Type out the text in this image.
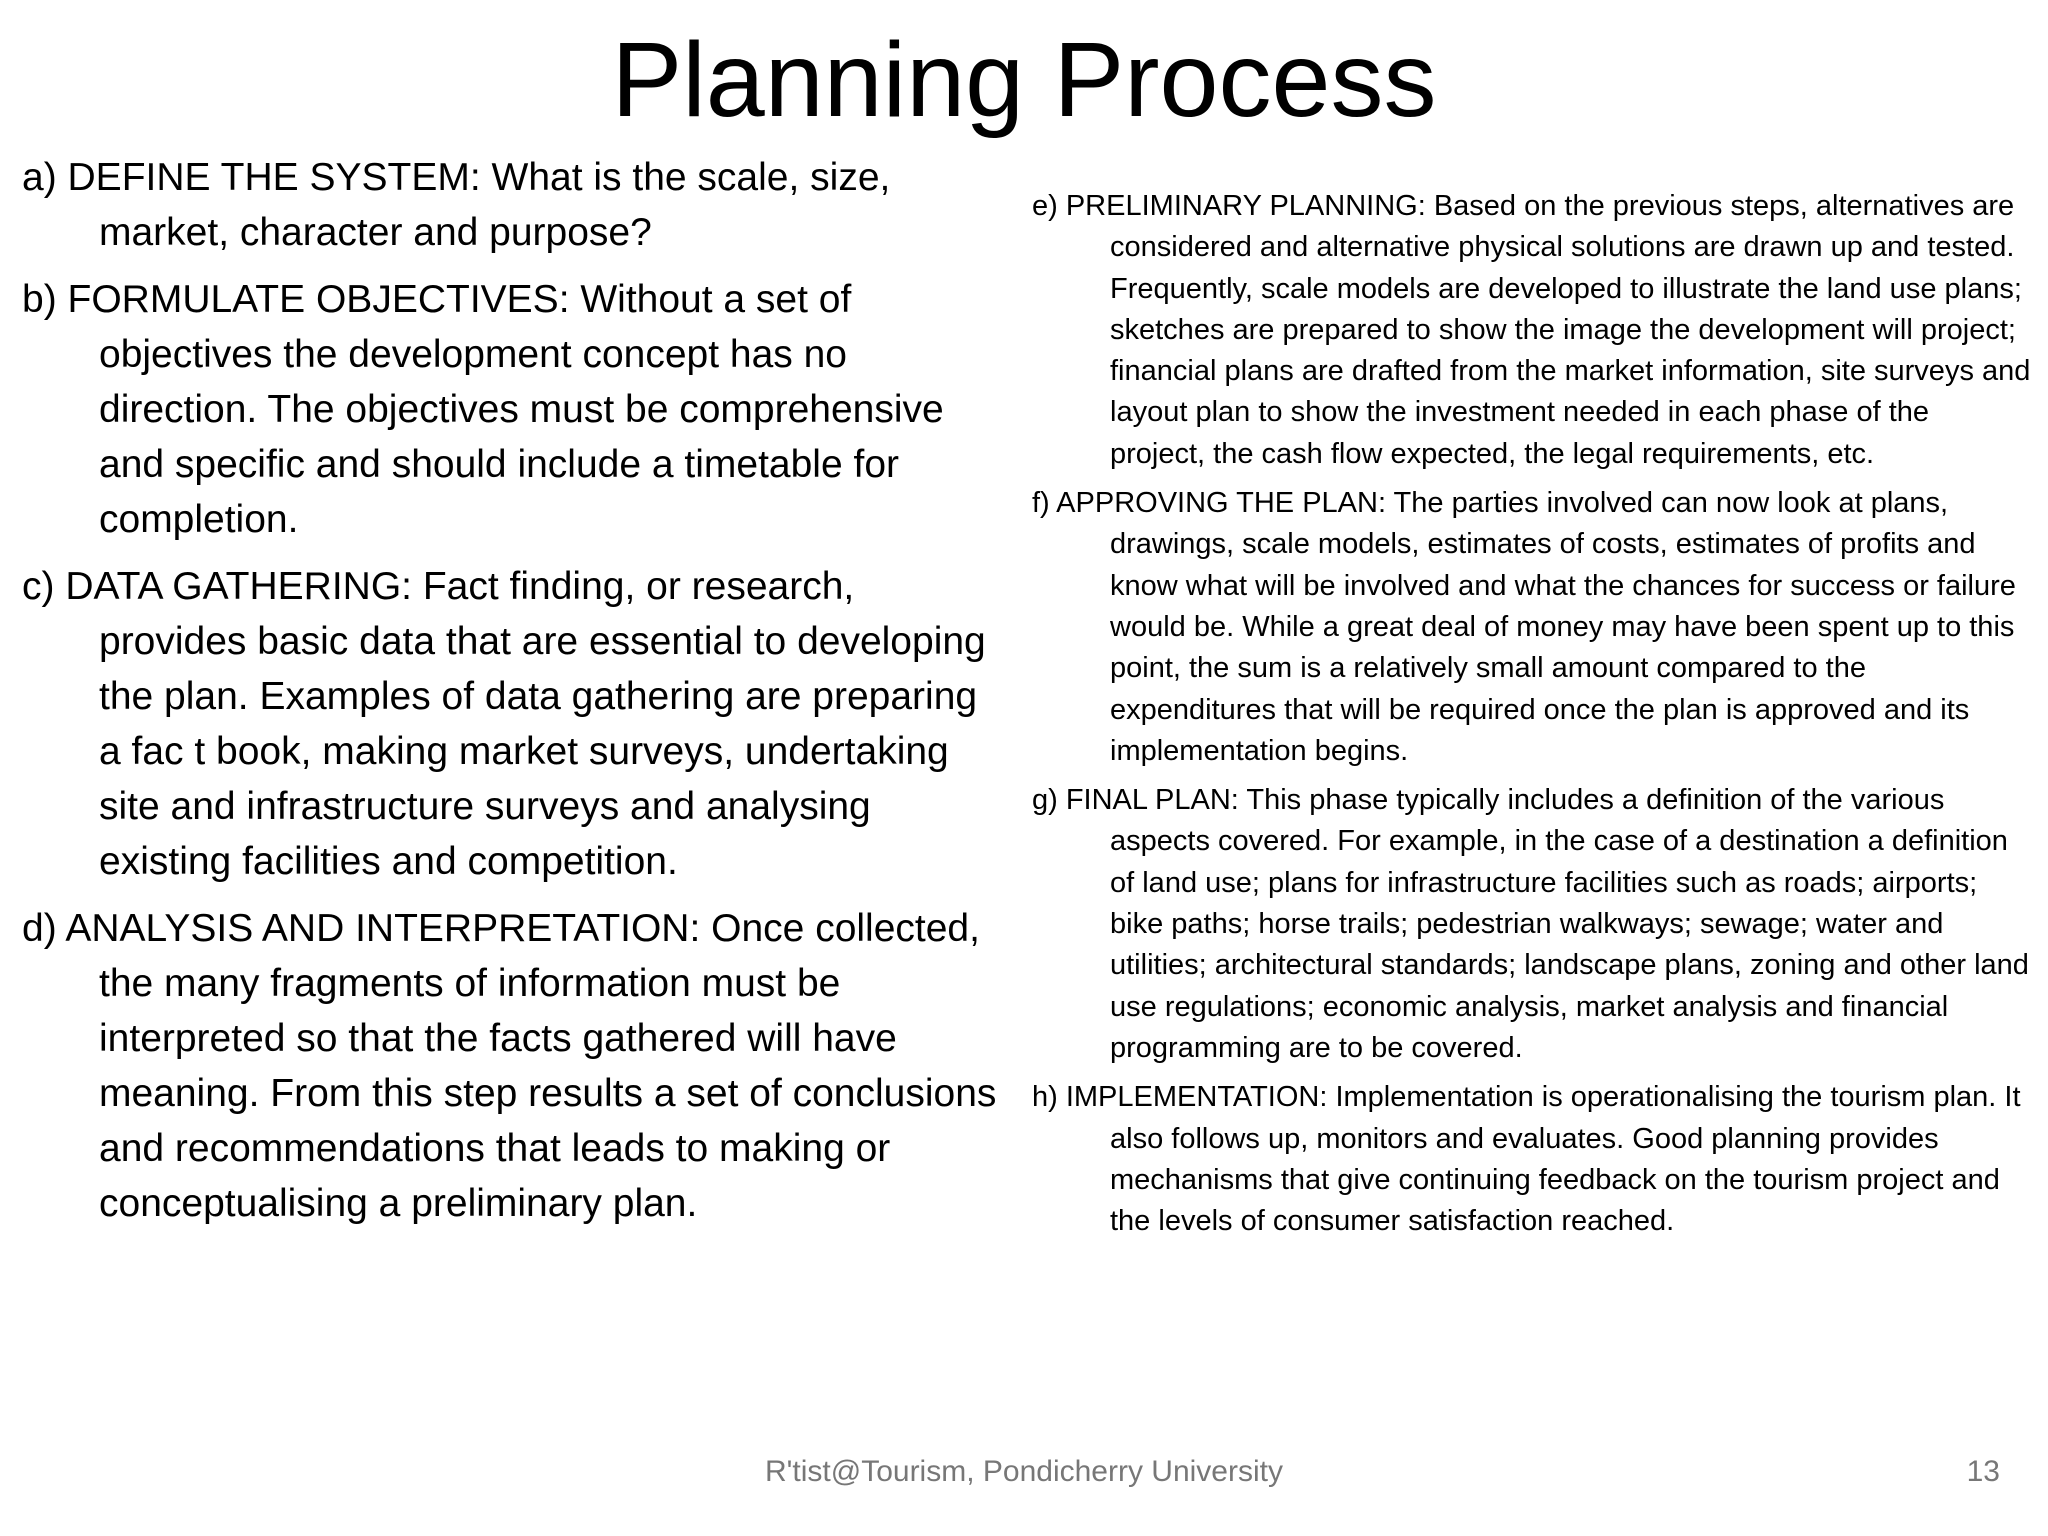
Planning Process
a) DEFINE THE SYSTEM: What is the scale, size, market, character and purpose?
b) FORMULATE OBJECTIVES: Without a set of objectives the development concept has no direction. The objectives must be comprehensive and specific and should include a timetable for completion.
c) DATA GATHERING: Fact finding, or research, provides basic data that are essential to developing the plan. Examples of data gathering are preparing a fac t book, making market surveys, undertaking site and infrastructure surveys and analysing existing facilities and competition.
d) ANALYSIS AND INTERPRETATION: Once collected, the many fragments of information must be interpreted so that the facts gathered will have meaning. From this step results a set of conclusions and recommendations that leads to making or conceptualising a preliminary plan.
e) PRELIMINARY PLANNING: Based on the previous steps, alternatives are considered and alternative physical solutions are drawn up and tested. Frequently, scale models are developed to illustrate the land use plans; sketches are prepared to show the image the development will project; financial plans are drafted from the market information, site surveys and layout plan to show the investment needed in each phase of the project, the cash flow expected, the legal requirements, etc.
f) APPROVING THE PLAN: The parties involved can now look at plans, drawings, scale models, estimates of costs, estimates of profits and know what will be involved and what the chances for success or failure would be. While a great deal of money may have been spent up to this point, the sum is a relatively small amount compared to the expenditures that will be required once the plan is approved and its implementation begins.
g) FINAL PLAN: This phase typically includes a definition of the various aspects covered. For example, in the case of a destination a definition of land use; plans for infrastructure facilities such as roads; airports; bike paths; horse trails; pedestrian walkways; sewage; water and utilities; architectural standards; landscape plans, zoning and other land use regulations; economic analysis, market analysis and financial programming are to be covered.
h) IMPLEMENTATION: Implementation is operationalising the tourism plan. It also follows up, monitors and evaluates. Good planning provides mechanisms that give continuing feedback on the tourism project and the levels of consumer satisfaction reached.
R'tist@Tourism, Pondicherry University	13
